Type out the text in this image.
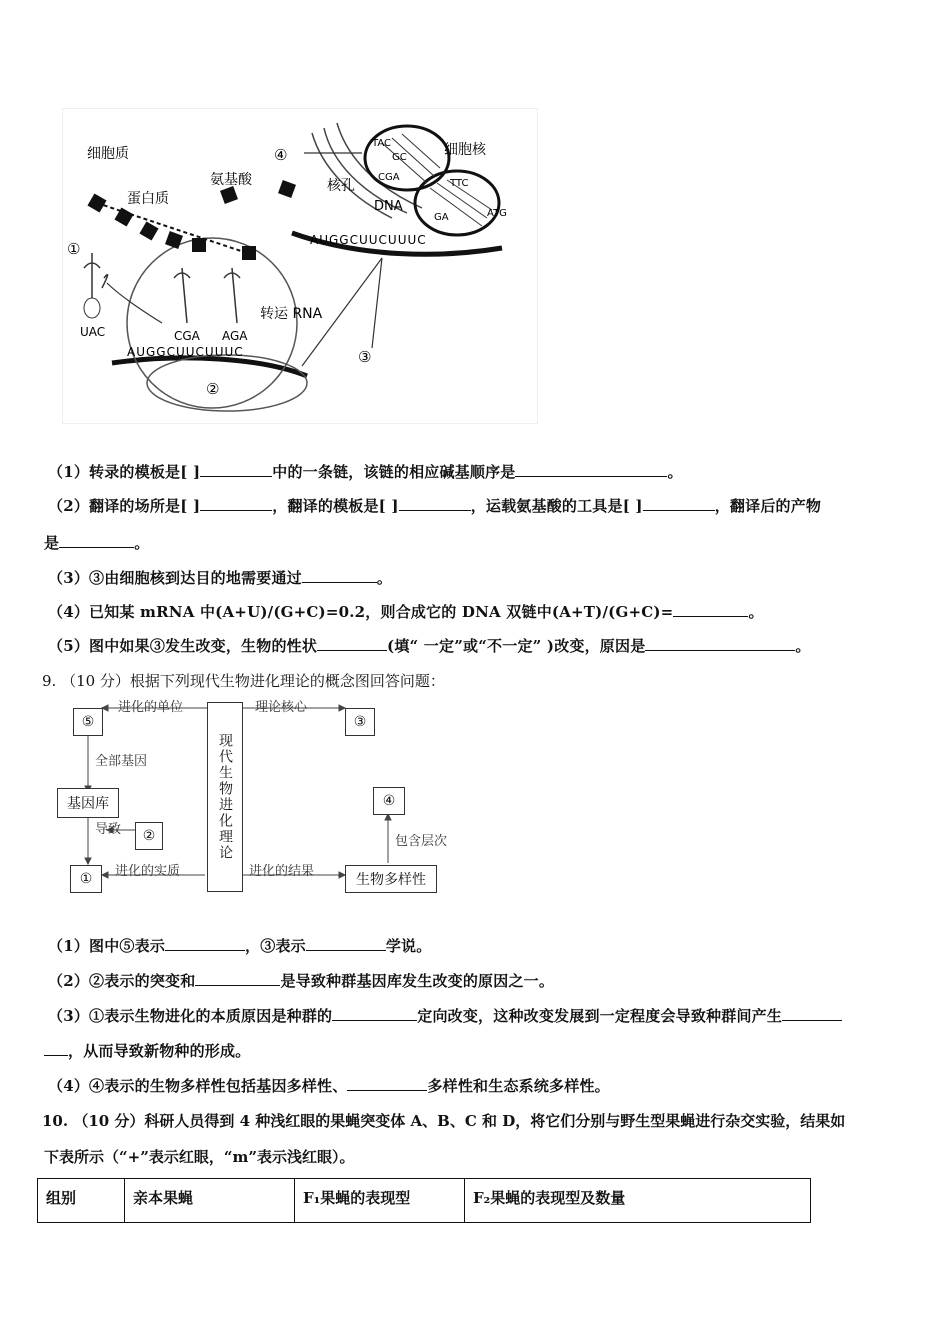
细胞质
蛋白质
氨基酸
④	细胞核
核孔
DNA
TAC
CGA
GC
TTC
GA	ATG
AUGGCUUCUUUC
①
UAC	CGA AGA
转运 RNA
AUGGCUUCUUUC	③
②
（1）转录的模板是[ ]	中的一条链，该链的相应碱基顺序是	。
（2）翻译的场所是[ ]	，翻译的模板是[ ]	，运载氨基酸的工具是[ ]	，翻译后的产物
是	。
（3）③由细胞核到达目的地需要通过	。
（4）已知某 mRNA 中(A+U)/(G+C)=0.2，则合成它的 DNA 双链中(A+T)/(G+C)=	。
（5）图中如果③发生改变，生物的性状	(填“ 一定”或“不一定” )改变，原因是	。
9. （10 分）根据下列现代生物进化理论的概念图回答问题：
⑤	③
④
基因库
②
①	生物多样性
现代生物进化理论
进化的单位	理论核心
全部基因
导致
进化的实质	进化的结果
包含层次
（1）图中⑤表示	，③表示	学说。
（2）②表示的突变和	是导致种群基因库发生改变的原因之一。
（3）①表示生物进化的本质原因是种群的	定向改变，这种改变发展到一定程度会导致种群间产生
，从而导致新物种的形成。
（4）④表示的生物多样性包括基因多样性、	多样性和生态系统多样性。
10. （10 分）科研人员得到 4 种浅红眼的果蝇突变体 A、B、C 和 D，将它们分别与野生型果蝇进行杂交实验，结果如
下表所示（“+”表示红眼，“m”表示浅红眼）。
组别	亲本果蝇	F₁果蝇的表现型	F₂果蝇的表现型及数量
